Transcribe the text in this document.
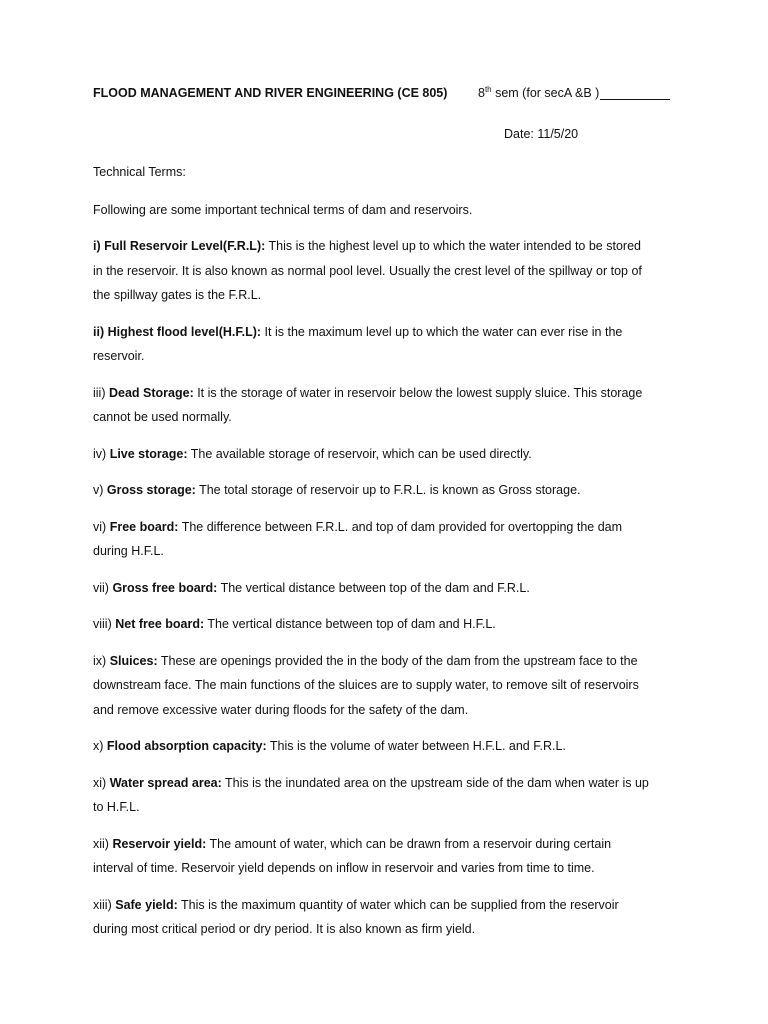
FLOOD MANAGEMENT AND RIVER ENGINEERING (CE 805) 8th sem (for secA &B )
Date: 11/5/20

Technical Terms:

Following are some important technical terms of dam and reservoirs.

i) Full Reservoir Level(F.R.L): This is the highest level up to which the water intended to be stored in the reservoir. It is also known as normal pool level. Usually the crest level of the spillway or top of the spillway gates is the F.R.L.

ii) Highest flood level(H.F.L): It is the maximum level up to which the water can ever rise in the reservoir.

iii) Dead Storage: It is the storage of water in reservoir below the lowest supply sluice. This storage cannot be used normally.

iv) Live storage: The available storage of reservoir, which can be used directly.

v) Gross storage: The total storage of reservoir up to F.R.L. is known as Gross storage.

vi) Free board: The difference between F.R.L. and top of dam provided for overtopping the dam during H.F.L.

vii) Gross free board: The vertical distance between top of the dam and F.R.L.

viii) Net free board: The vertical distance between top of dam and H.F.L.

ix) Sluices: These are openings provided the in the body of the dam from the upstream face to the downstream face. The main functions of the sluices are to supply water, to remove silt of reservoirs and remove excessive water during floods for the safety of the dam.

x) Flood absorption capacity: This is the volume of water between H.F.L. and F.R.L.

xi) Water spread area: This is the inundated area on the upstream side of the dam when water is up to H.F.L.

xii) Reservoir yield: The amount of water, which can be drawn from a reservoir during certain interval of time. Reservoir yield depends on inflow in reservoir and varies from time to time.

xiii) Safe yield: This is the maximum quantity of water which can be supplied from the reservoir during most critical period or dry period. It is also known as firm yield.
